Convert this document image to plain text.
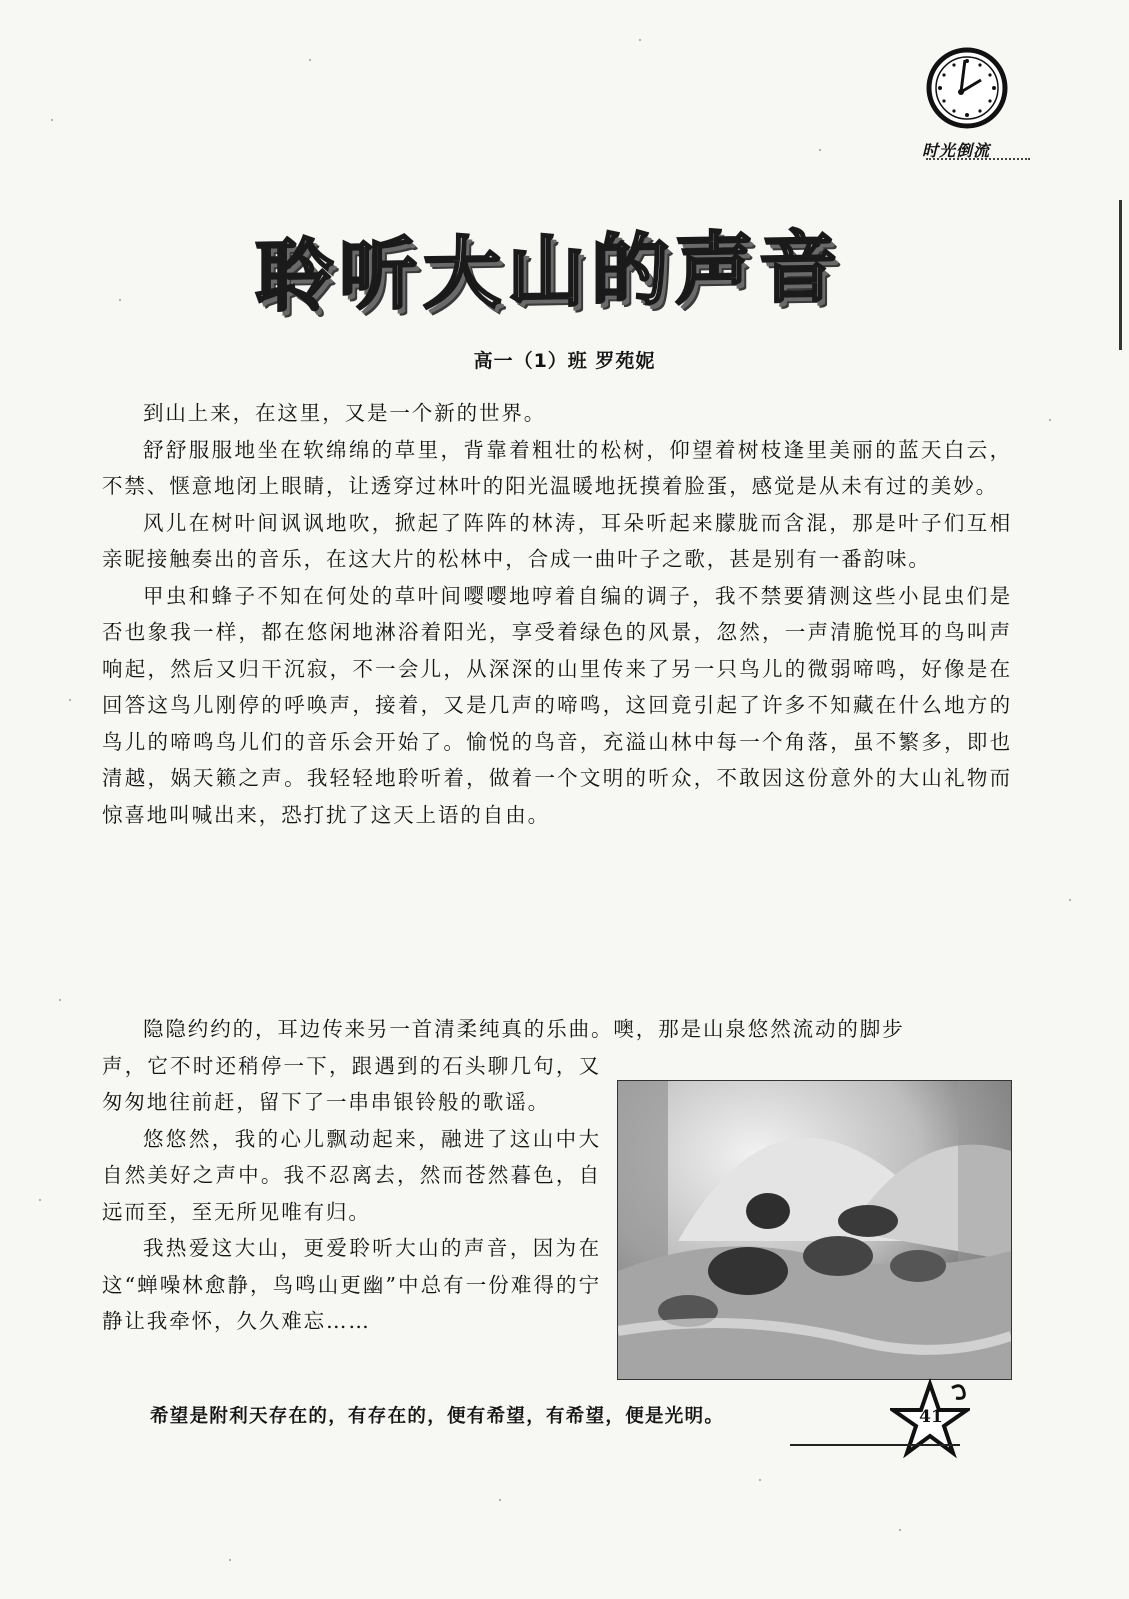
时光倒流
聆听大山的声音
高一（1）班 罗苑妮

到山上来，在这里，又是一个新的世界。

舒舒服服地坐在软绵绵的草里，背靠着粗壮的松树，仰望着树枝逢里美丽的蓝天白云，不禁、惬意地闭上眼睛，让透穿过林叶的阳光温暖地抚摸着脸蛋，感觉是从未有过的美妙。

风儿在树叶间讽讽地吹，掀起了阵阵的林涛，耳朵听起来朦胧而含混，那是叶子们互相亲昵接触奏出的音乐，在这大片的松林中，合成一曲叶子之歌，甚是别有一番韵味。

甲虫和蜂子不知在何处的草叶间嘤嘤地哼着自编的调子，我不禁要猜测这些小昆虫们是否也象我一样，都在悠闲地淋浴着阳光，享受着绿色的风景，忽然，一声清脆悦耳的鸟叫声响起，然后又归干沉寂，不一会儿，从深深的山里传来了另一只鸟儿的微弱啼鸣，好像是在回答这鸟儿刚停的呼唤声，接着，又是几声的啼鸣，这回竟引起了许多不知藏在什么地方的鸟儿的啼鸣鸟儿们的音乐会开始了。愉悦的鸟音，充溢山林中每一个角落，虽不繁多，即也清越，娲天籁之声。我轻轻地聆听着，做着一个文明的听众，不敢因这份意外的大山礼物而惊喜地叫喊出来，恐打扰了这天上语的自由。

隐隐约约的，耳边传来另一首清柔纯真的乐曲。噢，那是山泉悠然流动的脚步

声，它不时还稍停一下，跟遇到的石头聊几句，又匆匆地往前赶，留下了一串串银铃般的歌谣。

悠悠然，我的心儿飘动起来，融进了这山中大自然美好之声中。我不忍离去，然而苍然暮色，自远而至，至无所见唯有归。

我热爱这大山，更爱聆听大山的声音，因为在这“蝉噪林愈静，鸟鸣山更幽”中总有一份难得的宁静让我牵怀，久久难忘……

希望是附利天存在的，有存在的，便有希望，有希望，便是光明。	41
